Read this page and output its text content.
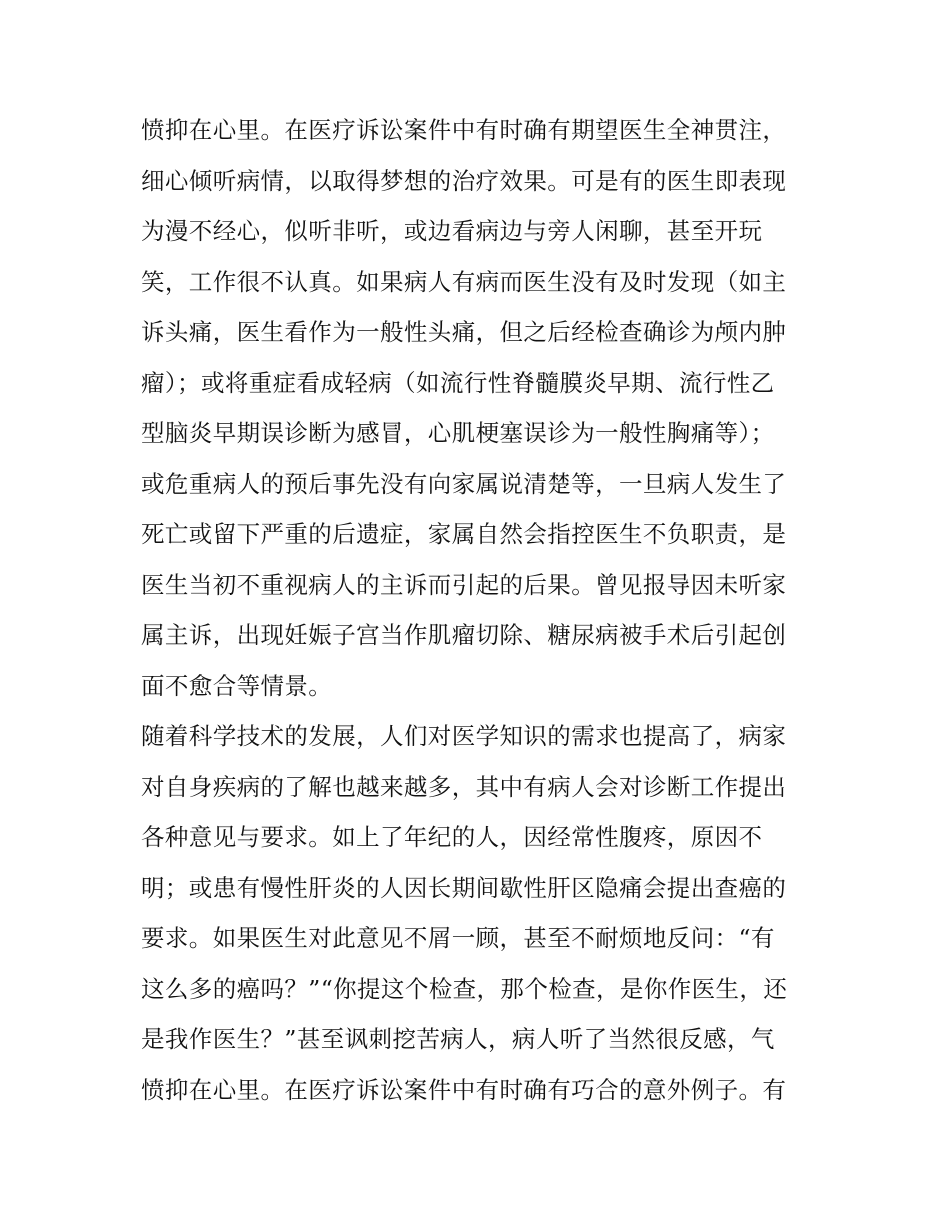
愤抑在心里。在医疗诉讼案件中有时确有期望医生全神贯注，
细心倾听病情，以取得梦想的治疗效果。可是有的医生即表现
为漫不经心，似听非听，或边看病边与旁人闲聊，甚至开玩
笑，工作很不认真。如果病人有病而医生没有及时发现（如主
诉头痛，医生看作为一般性头痛，但之后经检查确诊为颅内肿
瘤）；或将重症看成轻病（如流行性脊髓膜炎早期、流行性乙
型脑炎早期误诊断为感冒，心肌梗塞误诊为一般性胸痛等）；
或危重病人的预后事先没有向家属说清楚等，一旦病人发生了
死亡或留下严重的后遗症，家属自然会指控医生不负职责，是
医生当初不重视病人的主诉而引起的后果。曾见报导因未听家
属主诉，出现妊娠子宫当作肌瘤切除、糖尿病被手术后引起创
面不愈合等情景。
随着科学技术的发展，人们对医学知识的需求也提高了，病家
对自身疾病的了解也越来越多，其中有病人会对诊断工作提出
各种意见与要求。如上了年纪的人，因经常性腹疼，原因不
明；或患有慢性肝炎的人因长期间歇性肝区隐痛会提出查癌的
要求。如果医生对此意见不屑一顾，甚至不耐烦地反问：“有
这么多的癌吗？”“你提这个检查，那个检查，是你作医生，还
是我作医生？”甚至讽刺挖苦病人，病人听了当然很反感，气
愤抑在心里。在医疗诉讼案件中有时确有巧合的意外例子。有
